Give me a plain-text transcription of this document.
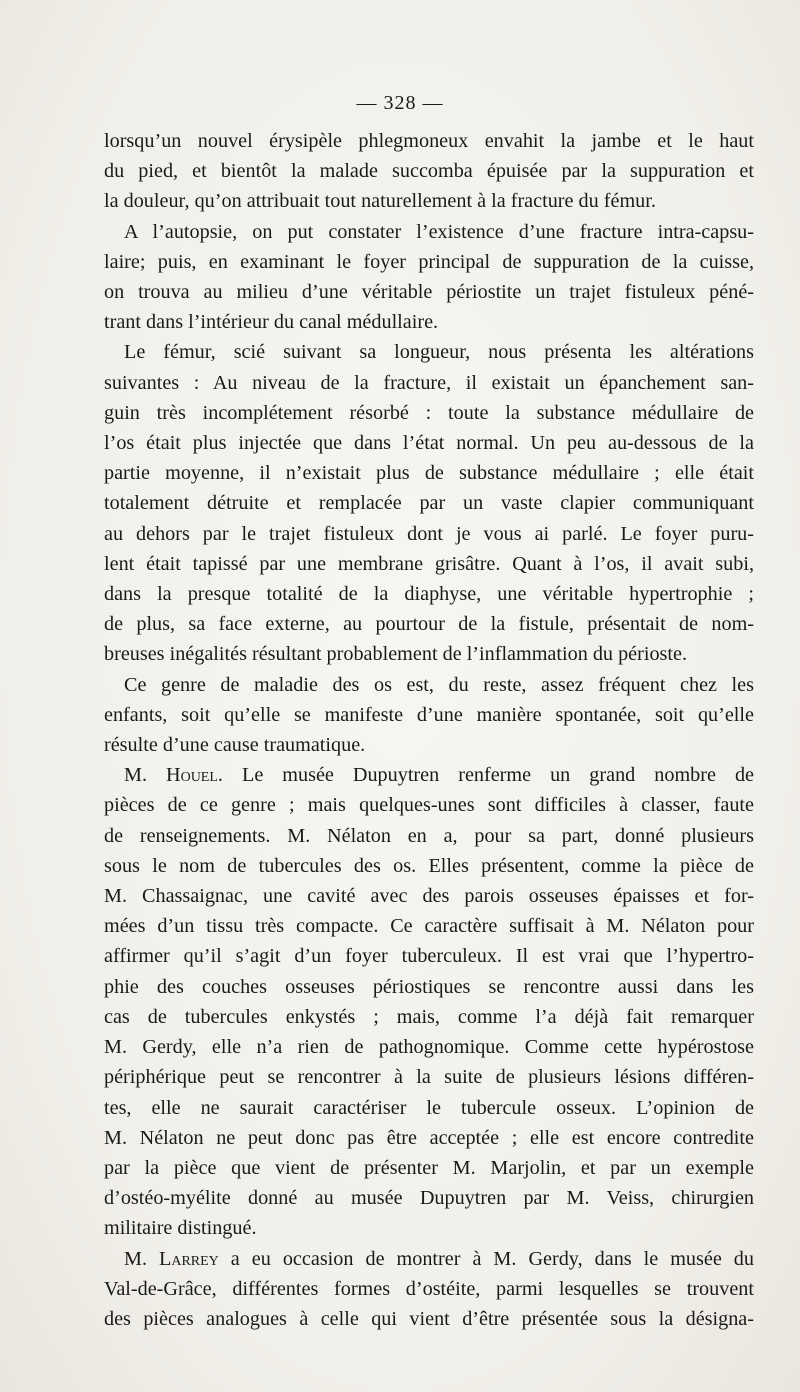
— 328 —
lorsqu’un nouvel érysipèle phlegmoneux envahit la jambe et le haut
du pied, et bientôt la malade succomba épuisée par la suppuration et
la douleur, qu’on attribuait tout naturellement à la fracture du fémur.
A l’autopsie, on put constater l’existence d’une fracture intra-capsu-
laire; puis, en examinant le foyer principal de suppuration de la cuisse,
on trouva au milieu d’une véritable périostite un trajet fistuleux péné-
trant dans l’intérieur du canal médullaire.
Le fémur, scié suivant sa longueur, nous présenta les altérations
suivantes : Au niveau de la fracture, il existait un épanchement san-
guin très incomplétement résorbé : toute la substance médullaire de
l’os était plus injectée que dans l’état normal. Un peu au-dessous de la
partie moyenne, il n’existait plus de substance médullaire ; elle était
totalement détruite et remplacée par un vaste clapier communiquant
au dehors par le trajet fistuleux dont je vous ai parlé. Le foyer puru-
lent était tapissé par une membrane grisâtre. Quant à l’os, il avait subi,
dans la presque totalité de la diaphyse, une véritable hypertrophie ;
de plus, sa face externe, au pourtour de la fistule, présentait de nom-
breuses inégalités résultant probablement de l’inflammation du périoste.
Ce genre de maladie des os est, du reste, assez fréquent chez les
enfants, soit qu’elle se manifeste d’une manière spontanée, soit qu’elle
résulte d’une cause traumatique.
M. Houel. Le musée Dupuytren renferme un grand nombre de
pièces de ce genre ; mais quelques-unes sont difficiles à classer, faute
de renseignements. M. Nélaton en a, pour sa part, donné plusieurs
sous le nom de tubercules des os. Elles présentent, comme la pièce de
M. Chassaignac, une cavité avec des parois osseuses épaisses et for-
mées d’un tissu très compacte. Ce caractère suffisait à M. Nélaton pour
affirmer qu’il s’agit d’un foyer tuberculeux. Il est vrai que l’hypertro-
phie des couches osseuses périostiques se rencontre aussi dans les
cas de tubercules enkystés ; mais, comme l’a déjà fait remarquer
M. Gerdy, elle n’a rien de pathognomique. Comme cette hypérostose
périphérique peut se rencontrer à la suite de plusieurs lésions différen-
tes, elle ne saurait caractériser le tubercule osseux. L’opinion de
M. Nélaton ne peut donc pas être acceptée ; elle est encore contredite
par la pièce que vient de présenter M. Marjolin, et par un exemple
d’ostéo-myélite donné au musée Dupuytren par M. Veiss, chirurgien
militaire distingué.
M. Larrey a eu occasion de montrer à M. Gerdy, dans le musée du
Val-de-Grâce, différentes formes d’ostéite, parmi lesquelles se trouvent
des pièces analogues à celle qui vient d’être présentée sous la désigna-
